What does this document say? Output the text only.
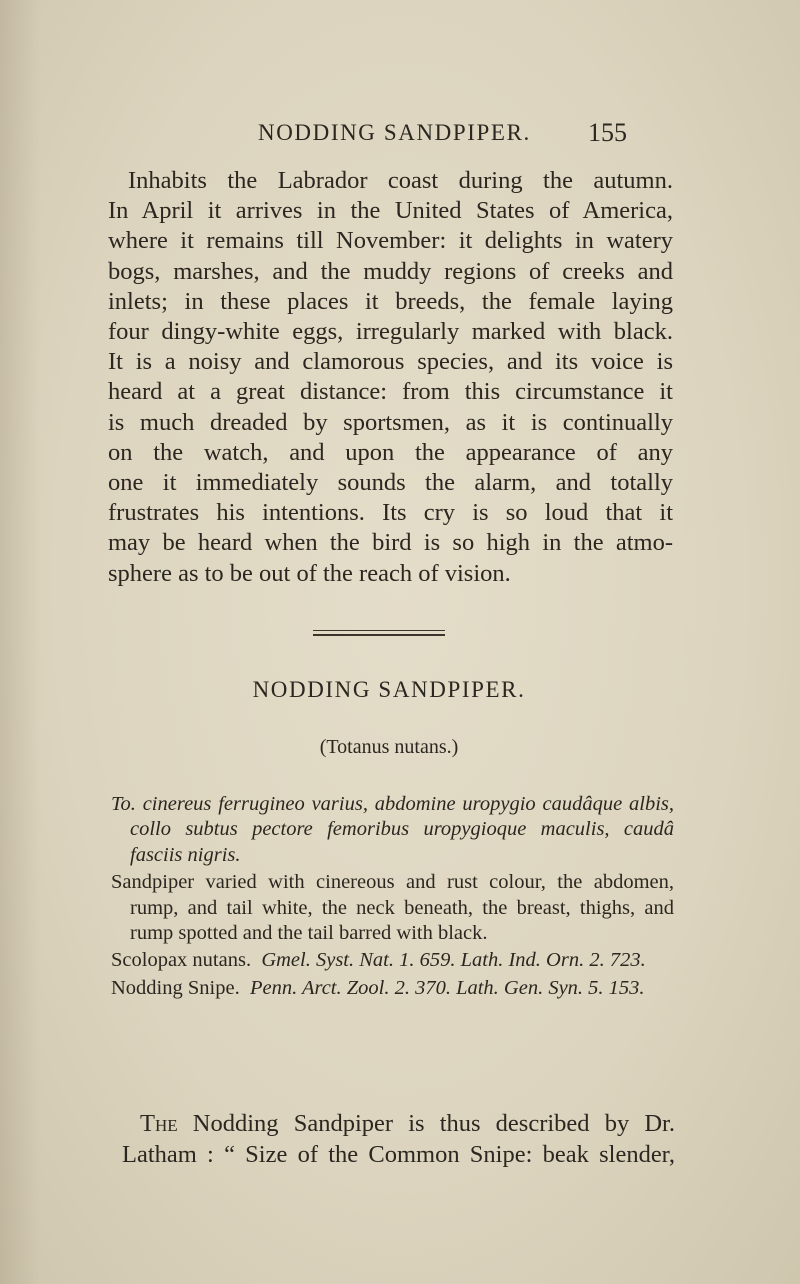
NODDING SANDPIPER. 155
Inhabits the Labrador coast during the autumn.
In April it arrives in the United States of America,
where it remains till November: it delights in watery
bogs, marshes, and the muddy regions of creeks and
inlets; in these places it breeds, the female laying
four dingy-white eggs, irregularly marked with black.
It is a noisy and clamorous species, and its voice is
heard at a great distance: from this circumstance it
is much dreaded by sportsmen, as it is continually
on the watch, and upon the appearance of any
one it immediately sounds the alarm, and totally
frustrates his intentions. Its cry is so loud that it
may be heard when the bird is so high in the atmo-
sphere as to be out of the reach of vision.
NODDING SANDPIPER.
(Totanus nutans.)

To. cinereus ferrugineo varius, abdomine uropygio caudâque albis, collo subtus pectore femoribus uropygioque maculis, caudâ fasciis nigris.

Sandpiper varied with cinereous and rust colour, the abdomen, rump, and tail white, the neck beneath, the breast, thighs, and rump spotted and the tail barred with black.

Scolopax nutans. Gmel. Syst. Nat. 1. 659. Lath. Ind. Orn. 2. 723.

Nodding Snipe. Penn. Arct. Zool. 2. 370. Lath. Gen. Syn. 5. 153.

The Nodding Sandpiper is thus described by Dr.
Latham : “ Size of the Common Snipe: beak slender,
